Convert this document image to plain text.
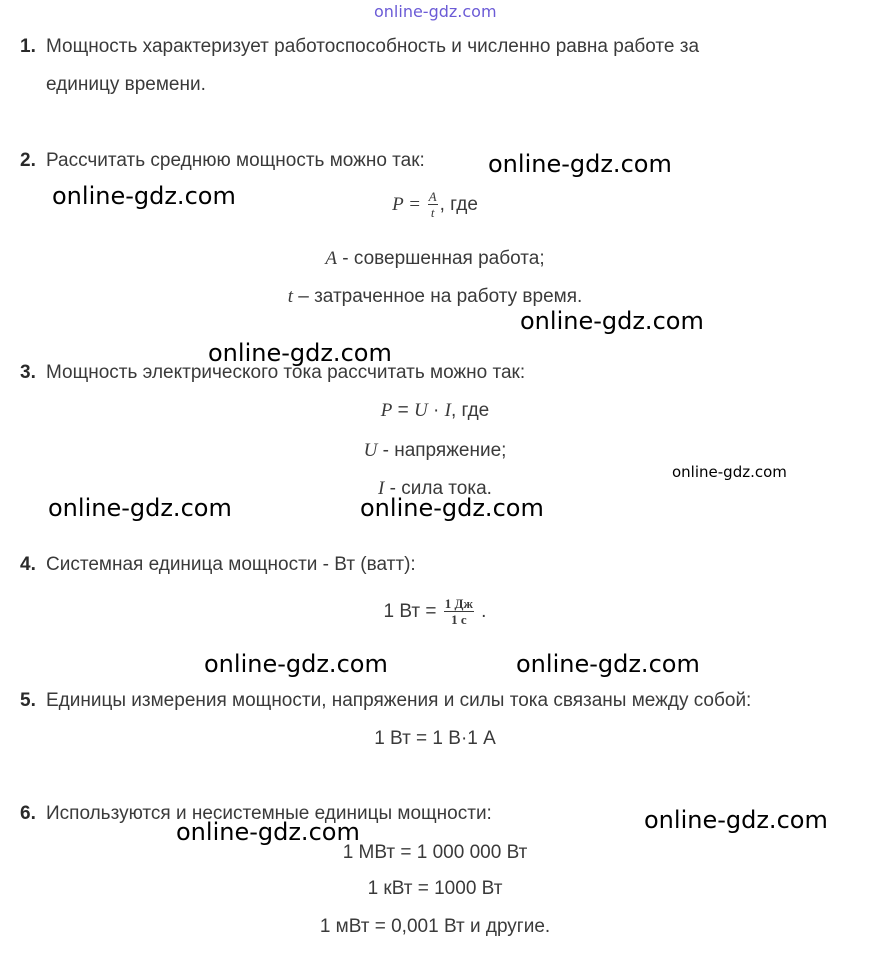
online-gdz.com
1. Мощность характеризует работоспособность и численно равна работе за
единицу времени.
2. Рассчитать среднюю мощность можно так:
$P = \frac{A}{t}$ , где
A - совершенная работа;
t – затраченное на работу время.
3. Мощность электрического тока рассчитать можно так:
P = U · I, где
U - напряжение;
I - сила тока.
4. Системная единица мощности - Вт (ватт):
1 Вт = $\frac{1 Дж}{1 с}$ .
5. Единицы измерения мощности, напряжения и силы тока связаны между собой:
1 Вт = 1 В·1 А
6. Используются и несистемные единицы мощности:
1 МВт = 1 000 000 Вт
1 кВт = 1000 Вт
1 мВт = 0,001 Вт и другие.
online-gdz.com
online-gdz.com
online-gdz.com
online-gdz.com
online-gdz.com
online-gdz.com	online-gdz.com
online-gdz.com	online-gdz.com
online-gdz.com
online-gdz.com
